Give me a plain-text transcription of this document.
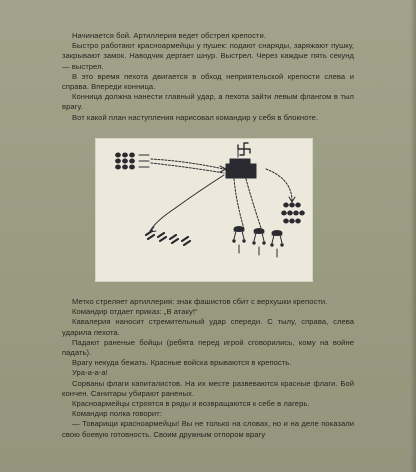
Начинается бой. Артиллерия ведет обстрел крепости.

Быстро работают красноармейцы у пушек: подают снаряды, заряжают пушку, закрывают замок. Наводчик дергает шнур. Выстрел. Через каждые пять секунд — выстрел.

В это время пехота двигается в обход неприятельской крепости слева и справа. Впереди конница.

Конница должна нанести главный удар, а пехота зайти левым флангом в тыл врагу.

Вот какой план наступления нарисовал командир у себя в блокноте.

Метко стреляет артиллерия: знак фашистов сбит с верхушки крепости.

Командир отдает приказ: „В атаку!“

Кавалерия наносит стремительный удар спереди. С тылу, справа, слева ударила пехота.

Падают раненые бойцы (ребята перед игрой сговорились, кому на войне падать).

Врагу некуда бежать. Красные войска врываются в крепость.

Ура-а-а-а!

Сорваны флаги капиталистов. На их месте развеваются красные флаги. Бой кончен. Санитары убирают раненых.

Красноармейцы строятся в ряды и возвращаются к себе в лагерь.

Командир полка говорит:

— Товарищи красноармейцы! Вы не только на словах, но и на деле показали свою боевую готовность. Своим дружным отпором врагу
